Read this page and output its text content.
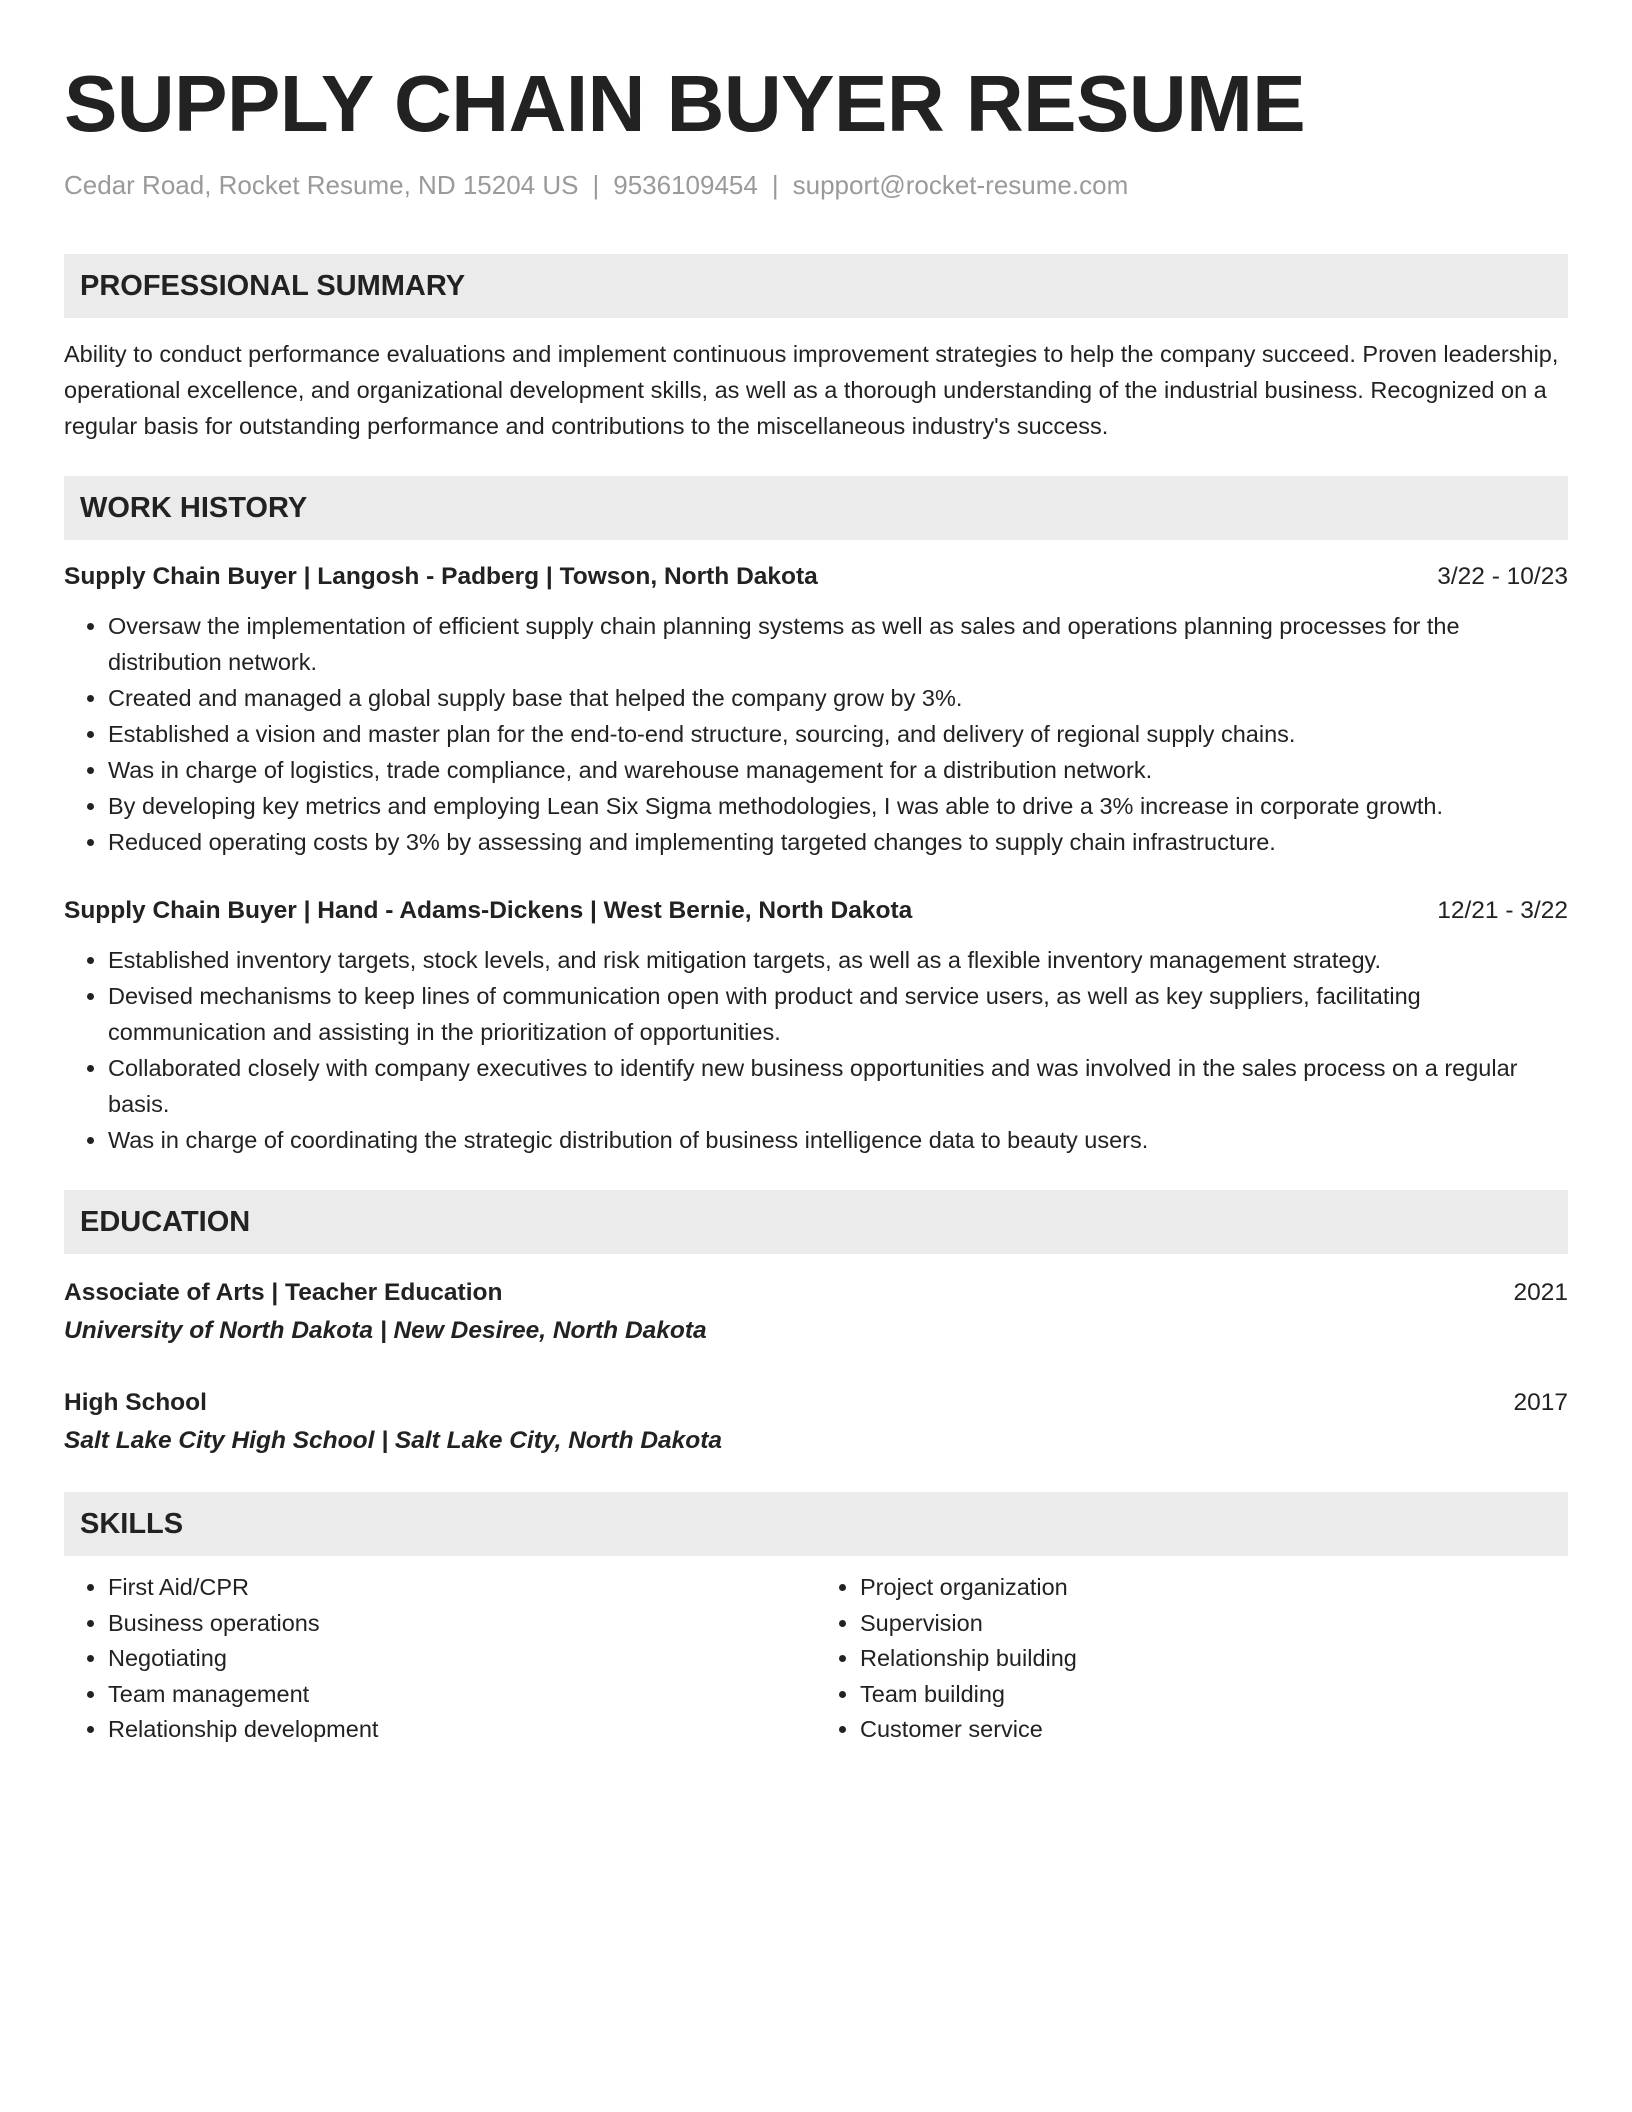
SUPPLY CHAIN BUYER RESUME
Cedar Road, Rocket Resume, ND 15204 US | 9536109454 | support@rocket-resume.com
PROFESSIONAL SUMMARY
Ability to conduct performance evaluations and implement continuous improvement strategies to help the company succeed. Proven leadership, operational excellence, and organizational development skills, as well as a thorough understanding of the industrial business. Recognized on a regular basis for outstanding performance and contributions to the miscellaneous industry's success.
WORK HISTORY
Supply Chain Buyer | Langosh - Padberg | Towson, North Dakota	3/22 - 10/23
• Oversaw the implementation of efficient supply chain planning systems as well as sales and operations planning processes for the distribution network.
• Created and managed a global supply base that helped the company grow by 3%.
• Established a vision and master plan for the end-to-end structure, sourcing, and delivery of regional supply chains.
• Was in charge of logistics, trade compliance, and warehouse management for a distribution network.
• By developing key metrics and employing Lean Six Sigma methodologies, I was able to drive a 3% increase in corporate growth.
• Reduced operating costs by 3% by assessing and implementing targeted changes to supply chain infrastructure.
Supply Chain Buyer | Hand - Adams-Dickens | West Bernie, North Dakota	12/21 - 3/22
• Established inventory targets, stock levels, and risk mitigation targets, as well as a flexible inventory management strategy.
• Devised mechanisms to keep lines of communication open with product and service users, as well as key suppliers, facilitating communication and assisting in the prioritization of opportunities.
• Collaborated closely with company executives to identify new business opportunities and was involved in the sales process on a regular basis.
• Was in charge of coordinating the strategic distribution of business intelligence data to beauty users.
EDUCATION
Associate of Arts | Teacher Education	2021
University of North Dakota | New Desiree, North Dakota
High School	2017
Salt Lake City High School | Salt Lake City, North Dakota
SKILLS
• First Aid/CPR
• Business operations
• Negotiating
• Team management
• Relationship development
• Project organization
• Supervision
• Relationship building
• Team building
• Customer service
